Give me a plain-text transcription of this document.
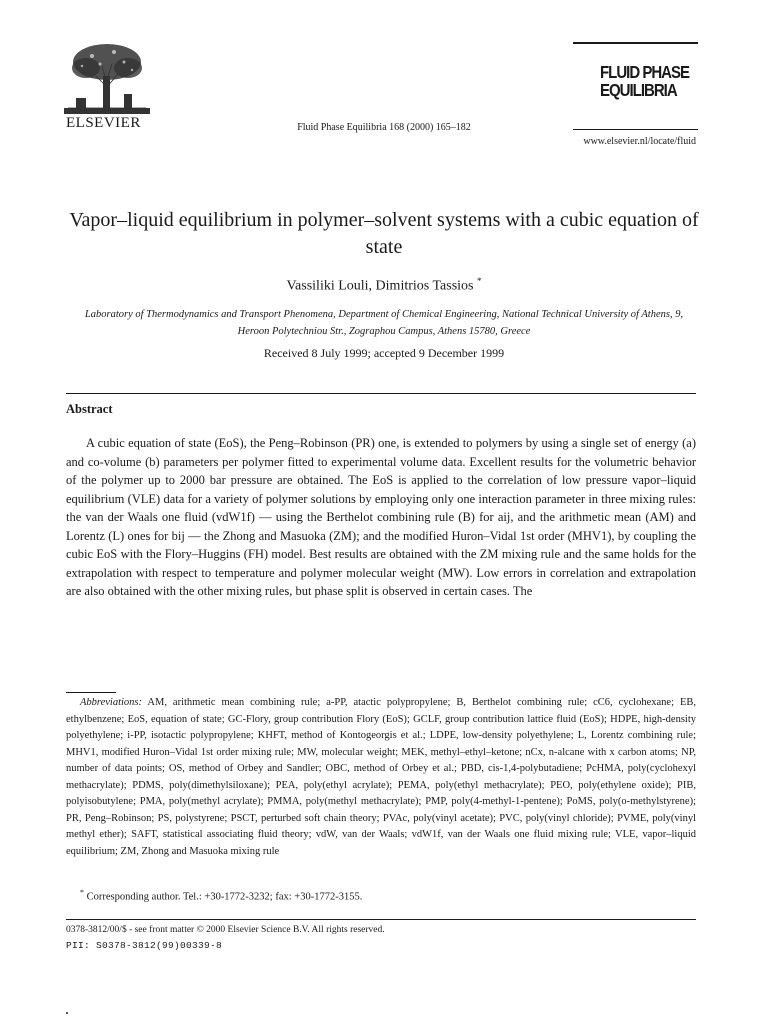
ELSEVIER	Fluid Phase Equilibria 168 (2000) 165–182
FLUID PHASE
EQUILIBRIA
www.elsevier.nl/locate/fluid
Vapor–liquid equilibrium in polymer–solvent systems with a cubic equation of state
Vassiliki Louli, Dimitrios Tassios *
Laboratory of Thermodynamics and Transport Phenomena, Department of Chemical Engineering, National Technical University of Athens, 9, Heroon Polytechniou Str., Zographou Campus, Athens 15780, Greece
Received 8 July 1999; accepted 9 December 1999
Abstract

A cubic equation of state (EoS), the Peng–Robinson (PR) one, is extended to polymers by using a single set of energy (a) and co-volume (b) parameters per polymer fitted to experimental volume data. Excellent results for the volumetric behavior of the polymer up to 2000 bar pressure are obtained. The EoS is applied to the correlation of low pressure vapor–liquid equilibrium (VLE) data for a variety of polymer solutions by employing only one interaction parameter in three mixing rules: the van der Waals one fluid (vdW1f) — using the Berthelot combining rule (B) for aij, and the arithmetic mean (AM) and Lorentz (L) ones for bij — the Zhong and Masuoka (ZM); and the modified Huron–Vidal 1st order (MHV1), by coupling the cubic EoS with the Flory–Huggins (FH) model. Best results are obtained with the ZM mixing rule and the same holds for the extrapolation with respect to temperature and polymer molecular weight (MW). Low errors in correlation and extrapolation are also obtained with the other mixing rules, but phase split is observed in certain cases. The

Abbreviations: AM, arithmetic mean combining rule; a-PP, atactic polypropylene; B, Berthelot combining rule; cC6, cyclohexane; EB, ethylbenzene; EoS, equation of state; GC-Flory, group contribution Flory (EoS); GCLF, group contribution lattice fluid (EoS); HDPE, high-density polyethylene; i-PP, isotactic polypropylene; KHFT, method of Kontogeorgis et al.; LDPE, low-density polyethylene; L, Lorentz combining rule; MHV1, modified Huron–Vidal 1st order mixing rule; MW, molecular weight; MEK, methyl–ethyl–ketone; nCx, n-alcane with x carbon atoms; NP, number of data points; OS, method of Orbey and Sandler; OBC, method of Orbey et al.; PBD, cis-1,4-polybutadiene; PcHMA, poly(cyclohexyl methacrylate); PDMS, poly(dimethylsiloxane); PEA, poly(ethyl acrylate); PEMA, poly(ethyl methacrylate); PEO, poly(ethylene oxide); PIB, polyisobutylene; PMA, poly(methyl acrylate); PMMA, poly(methyl methacrylate); PMP, poly(4-methyl-1-pentene); PoMS, poly(o-methylstyrene); PR, Peng–Robinson; PS, polystyrene; PSCT, perturbed soft chain theory; PVAc, poly(vinyl acetate); PVC, poly(vinyl chloride); PVME, poly(vinyl methyl ether); SAFT, statistical associating fluid theory; vdW, van der Waals; vdW1f, van der Waals one fluid mixing rule; VLE, vapor–liquid equilibrium; ZM, Zhong and Masuoka mixing rule

* Corresponding author. Tel.: +30-1772-3232; fax: +30-1772-3155.
0378-3812/00/$ - see front matter © 2000 Elsevier Science B.V. All rights reserved.
PII: S0378-3812(99)00339-8
